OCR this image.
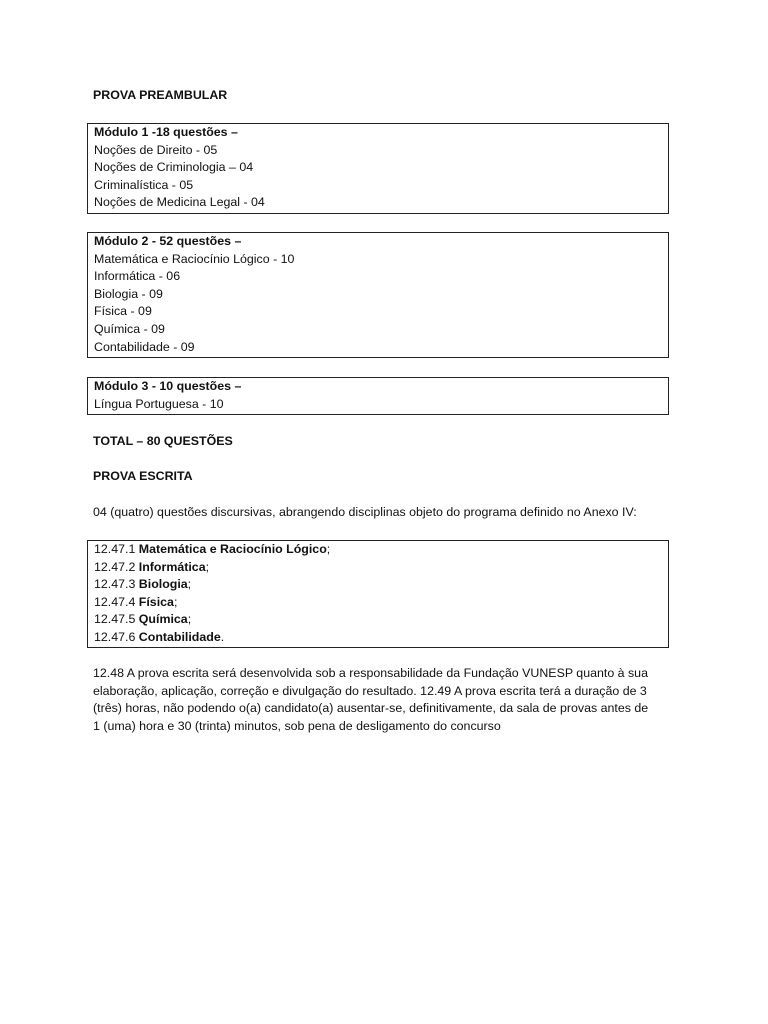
PROVA PREAMBULAR
Módulo 1 -18 questões –
Noções de Direito - 05
Noções de Criminologia – 04
Criminalística - 05
Noções de Medicina Legal - 04
Módulo 2 - 52 questões –
Matemática e Raciocínio Lógico - 10
Informática - 06
Biologia - 09
Física - 09
Química - 09
Contabilidade - 09
Módulo 3 - 10 questões –
Língua Portuguesa - 10
TOTAL – 80 QUESTÕES
PROVA ESCRITA
04 (quatro) questões discursivas, abrangendo disciplinas objeto do programa definido no Anexo IV:
12.47.1 Matemática e Raciocínio Lógico;
12.47.2 Informática;
12.47.3 Biologia;
12.47.4 Física;
12.47.5 Química;
12.47.6 Contabilidade.
12.48 A prova escrita será desenvolvida sob a responsabilidade da Fundação VUNESP quanto à sua
elaboração, aplicação, correção e divulgação do resultado. 12.49 A prova escrita terá a duração de 3
(três) horas, não podendo o(a) candidato(a) ausentar-se, definitivamente, da sala de provas antes de
1 (uma) hora e 30 (trinta) minutos, sob pena de desligamento do concurso
